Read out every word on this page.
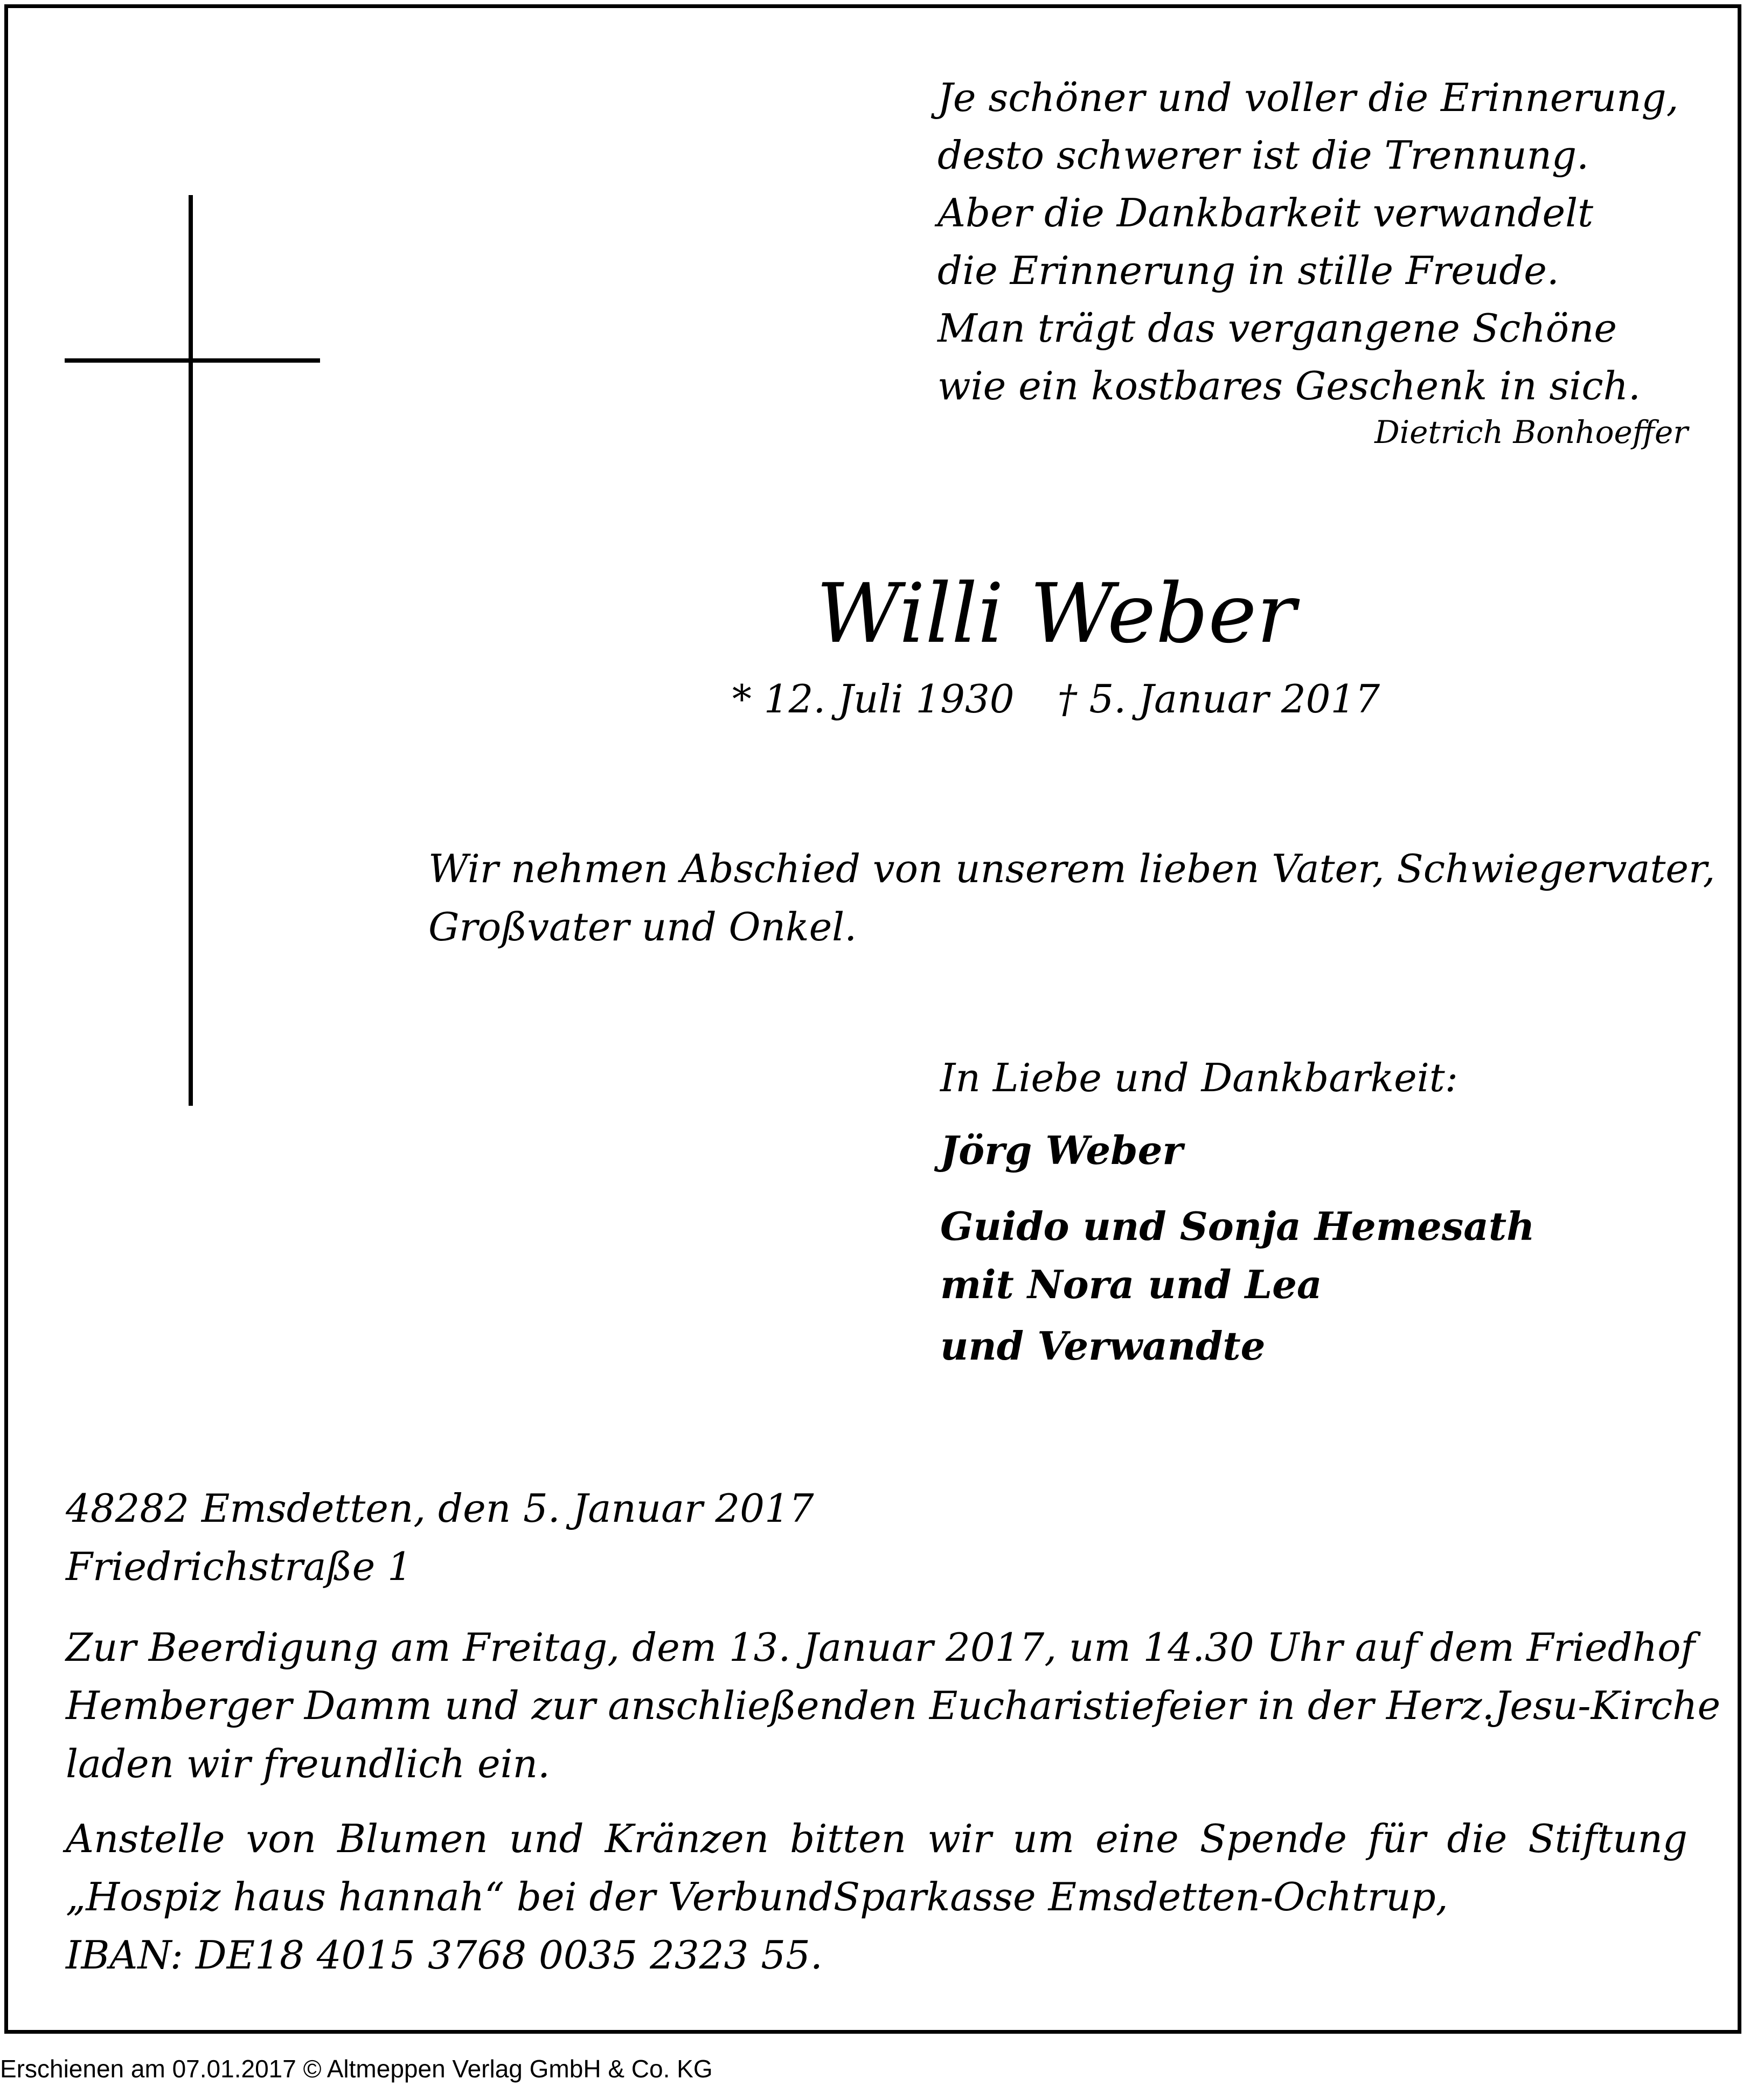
Je schöner und voller die Erinnerung,
desto schwerer ist die Trennung.
Aber die Dankbarkeit verwandelt
die Erinnerung in stille Freude.
Man trägt das vergangene Schöne
wie ein kostbares Geschenk in sich.
Dietrich Bonhoeffer
Willi Weber
* 12. Juli 1930 † 5. Januar 2017
Wir nehmen Abschied von unserem lieben Vater, Schwiegervater,
Großvater und Onkel.
In Liebe und Dankbarkeit:
Jörg Weber
Guido und Sonja Hemesath
mit Nora und Lea
und Verwandte
48282 Emsdetten, den 5. Januar 2017
Friedrichstraße 1
Zur Beerdigung am Freitag, dem 13. Januar 2017, um 14.30 Uhr auf dem Friedhof
Hemberger Damm und zur anschließenden Eucharistiefeier in der Herz.Jesu-Kirche
laden wir freundlich ein.
Anstelle von Blumen und Kränzen bitten wir um eine Spende für die Stiftung
„Hospiz haus hannah“ bei der VerbundSparkasse Emsdetten-Ochtrup,
IBAN: DE18 4015 3768 0035 2323 55.
Erschienen am 07.01.2017 © Altmeppen Verlag GmbH & Co. KG
